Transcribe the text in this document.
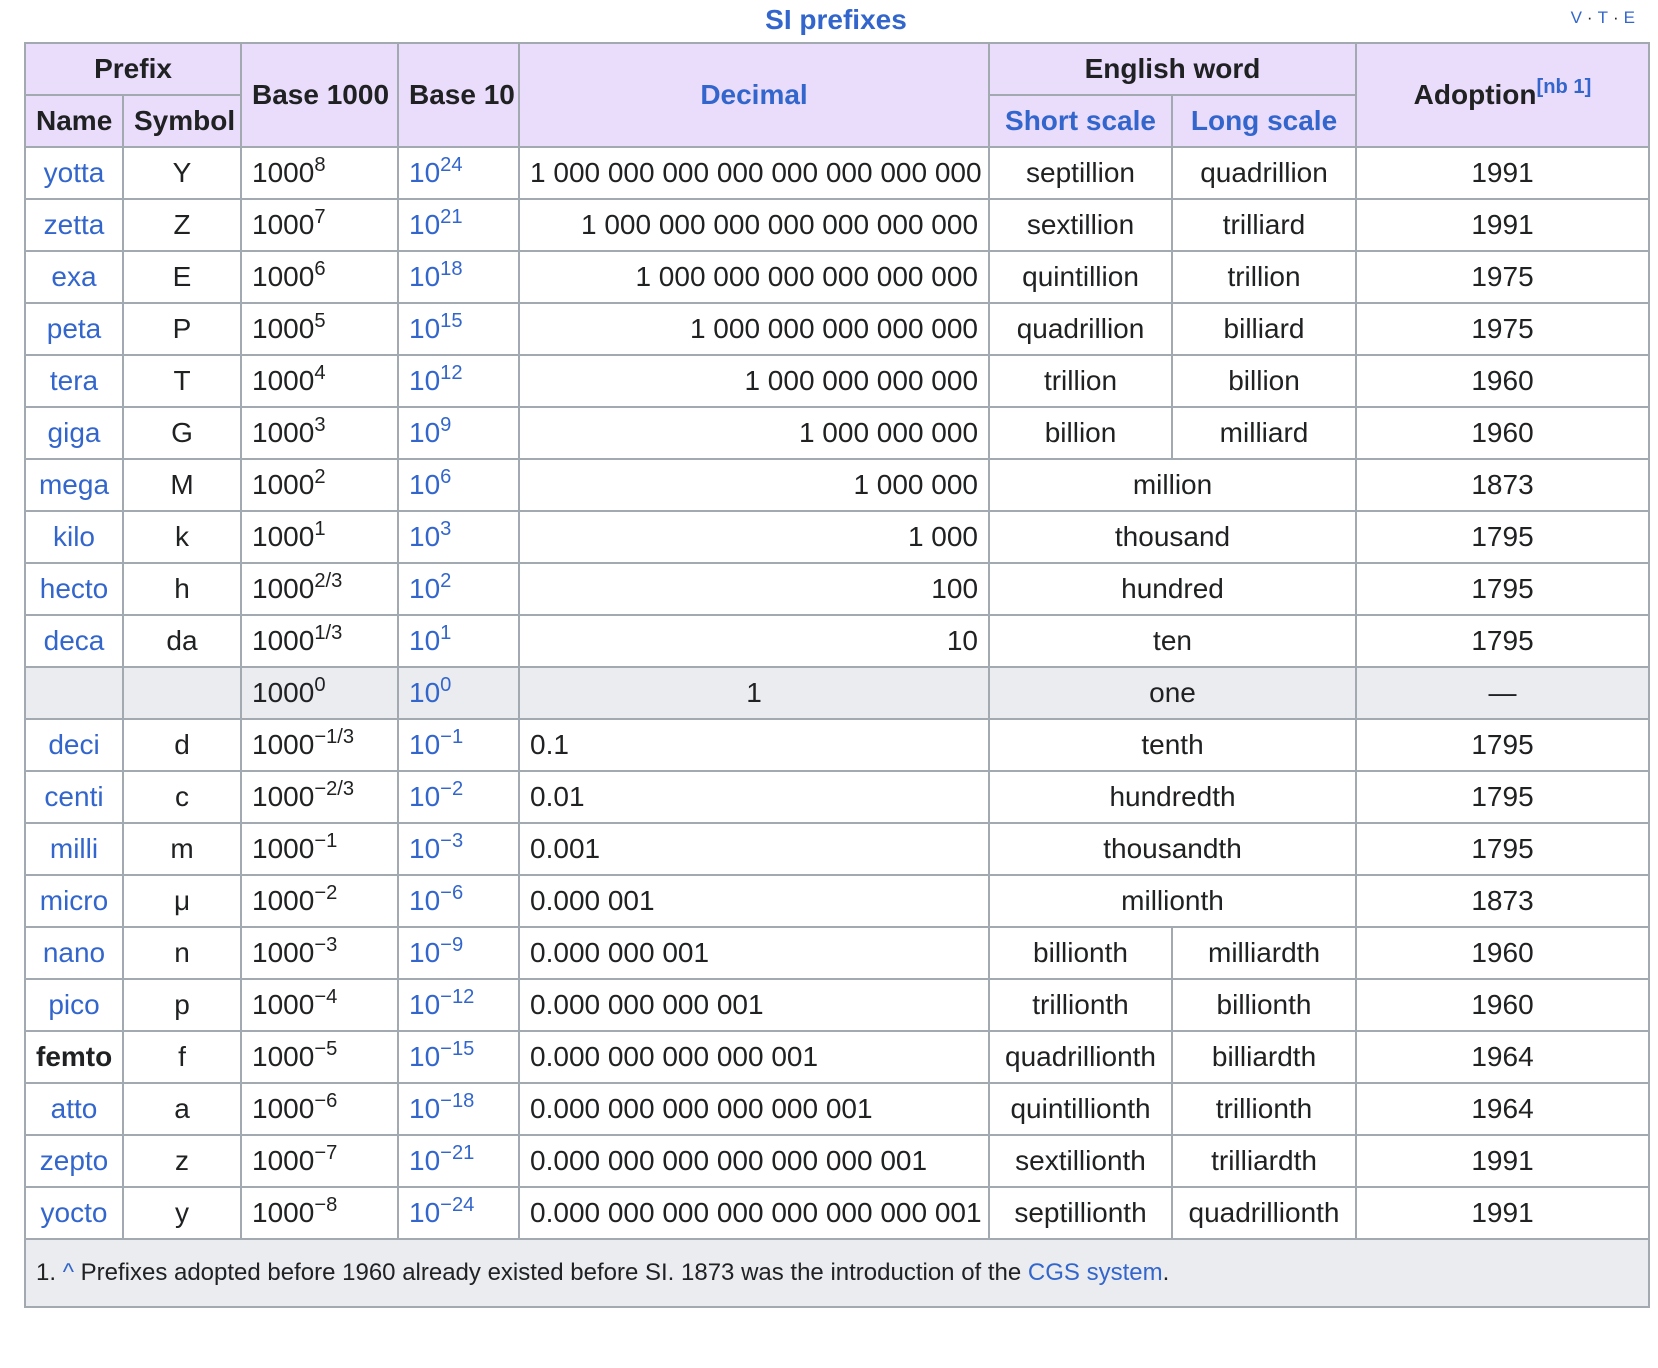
SI prefixes	V · T · E
Prefix		Base 1000	Base 10	Decimal	English word		Adoption[nb 1]
Name	Symbol				Short scale	Long scale	
yotta	Y	1000$^8$	$10^{24}$	1 000 000 000 000 000 000 000 000	septillion	quadrillion	1991
zetta	Z	1000$^7$	$10^{21}$	1 000 000 000 000 000 000 000	sextillion	trilliard	1991
exa	E	1000$^6$	$10^{18}$	1 000 000 000 000 000 000	quintillion	trillion	1975
peta	P	1000$^5$	$10^{15}$	1 000 000 000 000 000	quadrillion	billiard	1975
tera	T	1000$^4$	$10^{12}$	1 000 000 000 000	trillion	billion	1960
giga	G	1000$^3$	$10^9$	1 000 000 000	billion	milliard	1960
mega	M	1000$^2$	$10^6$	1 000 000	million		1873
kilo	k	1000$^1$	$10^3$	1 000	thousand		1795
hecto	h	$1000^{2/3}$	$10^2$	100	hundred		1795
deca	da	$1000^{1/3}$	$10^1$	10	ten		1795
		1000$^0$	$10^0$	1	one		—
deci	d	$1000^{-1/3}$	$10^{-1}$	0.1	tenth		1795
centi	c	$1000^{-2/3}$	$10^{-2}$	0.01	hundredth		1795
milli	m	$1000^{-1}$	$10^{-3}$	0.001	thousandth		1795
micro	μ	$1000^{-2}$	$10^{-6}$	0.000 001	millionth		1873
nano	n	$1000^{-3}$	$10^{-9}$	0.000 000 001	billionth	milliardth	1960
pico	p	$1000^{-4}$	$10^{-12}$	0.000 000 000 001	trillionth	billionth	1960
femto	f	$1000^{-5}$	$10^{-15}$	0.000 000 000 000 001	quadrillionth	billiardth	1964
atto	a	$1000^{-6}$	$10^{-18}$	0.000 000 000 000 000 001	quintillionth	trillionth	1964
zepto	z	$1000^{-7}$	$10^{-21}$	0.000 000 000 000 000 000 001	sextillionth	trilliardth	1991
yocto	y	$1000^{-8}$	$10^{-24}$	0.000 000 000 000 000 000 000 001	septillionth	quadrillionth	1991
1. ^ Prefixes adopted before 1960 already existed before SI. 1873 was the introduction of the CGS system.							
